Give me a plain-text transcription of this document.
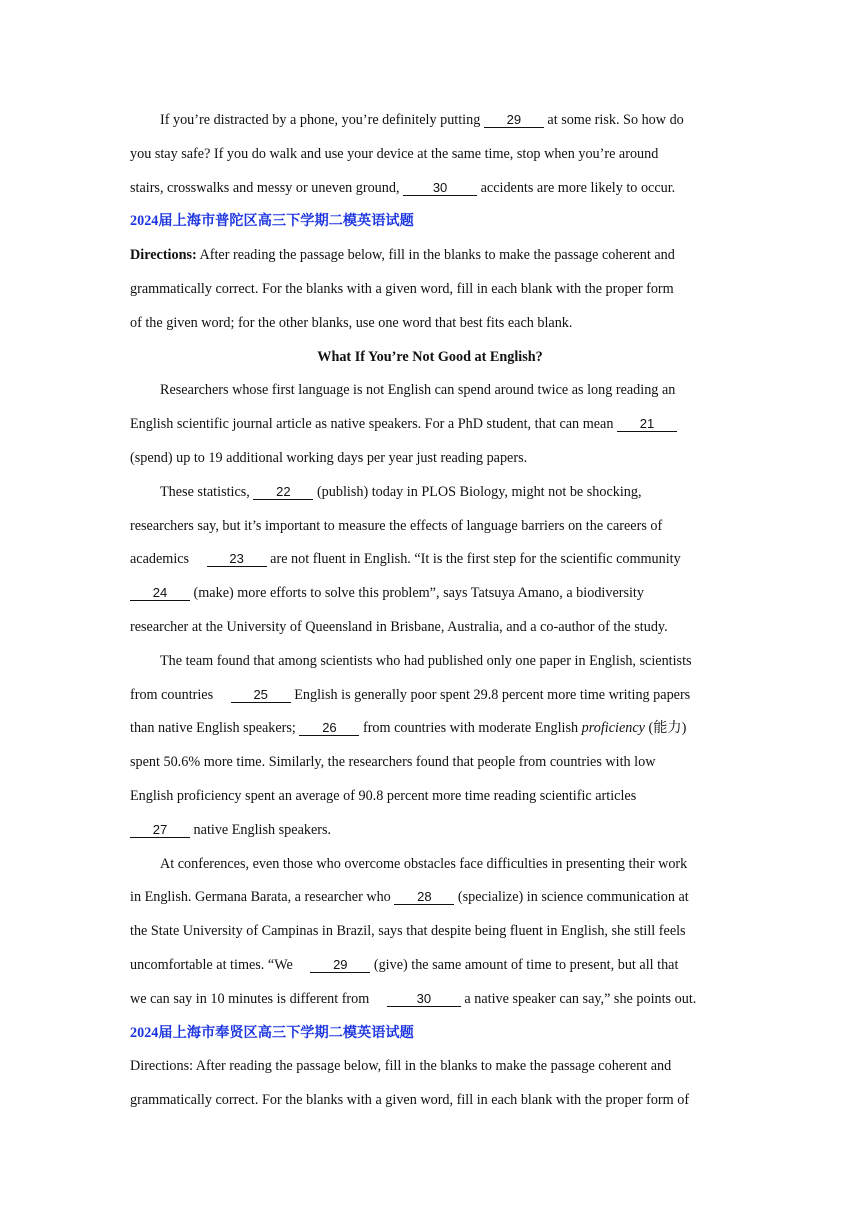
If you’re distracted by a phone, you’re definitely putting 29 at some risk. So how do
you stay safe? If you do walk and use your device at the same time, stop when you’re around
stairs, crosswalks and messy or uneven ground,	30 accidents are more likely to occur.
2024届上海市普陀区高三下学期二模英语试题
Directions: After reading the passage below, fill in the blanks to make the passage coherent and
grammatically correct. For the blanks with a given word, fill in each blank with the proper form
of the given word; for the other blanks, use one word that best fits each blank.
What If You’re Not Good at English?
Researchers whose first language is not English can spend around twice as long reading an
English scientific journal article as native speakers. For a PhD student, that can mean 21
(spend) up to 19 additional working days per year just reading papers.
These statistics, 22 (publish) today in PLOS Biology, might not be shocking,
researchers say, but it’s important to measure the effects of language barriers on the careers of
academics	23 are not fluent in English. “It is the first step for the scientific community
24 (make) more efforts to solve this problem”, says Tatsuya Amano, a biodiversity
researcher at the University of Queensland in Brisbane, Australia, and a co-author of the study.
The team found that among scientists who had published only one paper in English, scientists
from countries	25 English is generally poor spent 29.8 percent more time writing papers
than native English speakers; 26 from countries with moderate English proficiency (能力)
spent 50.6% more time. Similarly, the researchers found that people from countries with low
English proficiency spent an average of 90.8 percent more time reading scientific articles
27 native English speakers.
At conferences, even those who overcome obstacles face difficulties in presenting their work
in English. Germana Barata, a researcher who 28 (specialize) in science communication at
the State University of Campinas in Brazil, says that despite being fluent in English, she still feels
uncomfortable at times. “We	29 (give) the same amount of time to present, but all that
we can say in 10 minutes is different from	30 a native speaker can say,” she points out.
2024届上海市奉贤区高三下学期二模英语试题
Directions: After reading the passage below, fill in the blanks to make the passage coherent and
grammatically correct. For the blanks with a given word, fill in each blank with the proper form of
